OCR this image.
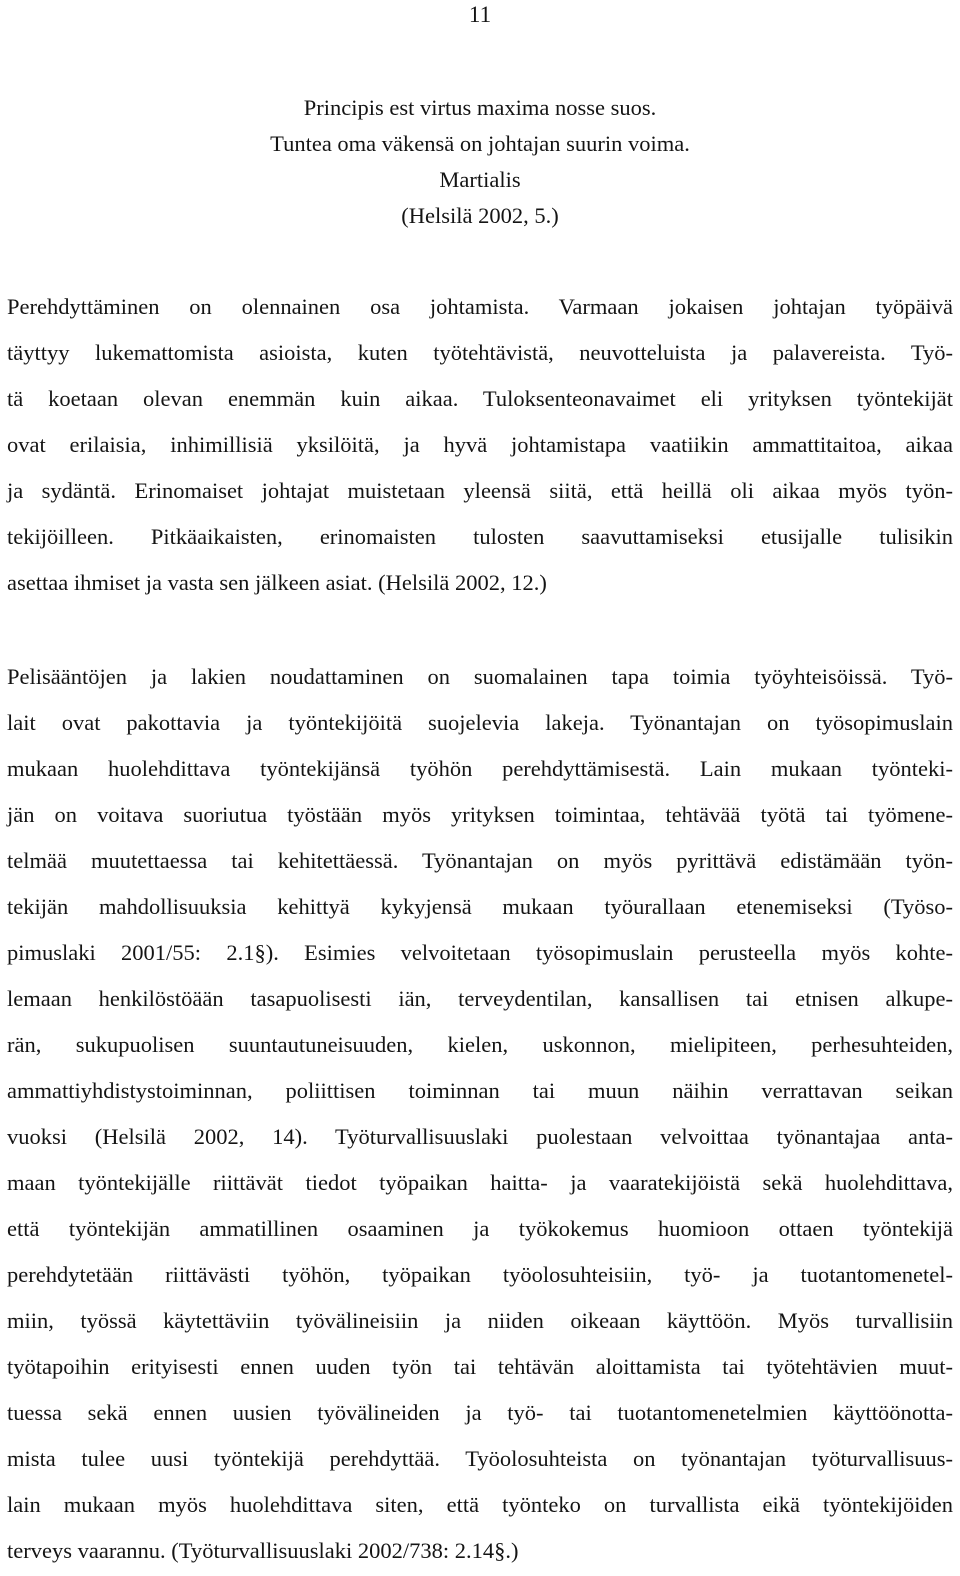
11
Principis est virtus maxima nosse suos.
Tuntea oma väkensä on johtajan suurin voima.
Martialis
(Helsilä 2002, 5.)
Perehdyttäminen on olennainen osa johtamista. Varmaan jokaisen johtajan työpäivä
täyttyy lukemattomista asioista, kuten työtehtävistä, neuvotteluista ja palavereista. Työ-
tä koetaan olevan enemmän kuin aikaa. Tuloksenteonavaimet eli yrityksen työntekijät
ovat erilaisia, inhimillisiä yksilöitä, ja hyvä johtamistapa vaatiikin ammattitaitoa, aikaa
ja sydäntä. Erinomaiset johtajat muistetaan yleensä siitä, että heillä oli aikaa myös työn-
tekijöilleen. Pitkäaikaisten, erinomaisten tulosten saavuttamiseksi etusijalle tulisikin
asettaa ihmiset ja vasta sen jälkeen asiat. (Helsilä 2002, 12.)
Pelisääntöjen ja lakien noudattaminen on suomalainen tapa toimia työyhteisöissä. Työ-
lait ovat pakottavia ja työntekijöitä suojelevia lakeja. Työnantajan on työsopimuslain
mukaan huolehdittava työntekijänsä työhön perehdyttämisestä. Lain mukaan työnteki-
jän on voitava suoriutua työstään myös yrityksen toimintaa, tehtävää työtä tai työmene-
telmää muutettaessa tai kehitettäessä. Työnantajan on myös pyrittävä edistämään työn-
tekijän mahdollisuuksia kehittyä kykyjensä mukaan työurallaan etenemiseksi (Työso-
pimuslaki 2001/55: 2.1§). Esimies velvoitetaan työsopimuslain perusteella myös kohte-
lemaan henkilöstöään tasapuolisesti iän, terveydentilan, kansallisen tai etnisen alkupe-
rän, sukupuolisen suuntautuneisuuden, kielen, uskonnon, mielipiteen, perhesuhteiden,
ammattiyhdistystoiminnan, poliittisen toiminnan tai muun näihin verrattavan seikan
vuoksi (Helsilä 2002, 14). Työturvallisuuslaki puolestaan velvoittaa työnantajaa anta-
maan työntekijälle riittävät tiedot työpaikan haitta- ja vaaratekijöistä sekä huolehdittava,
että työntekijän ammatillinen osaaminen ja työkokemus huomioon ottaen työntekijä
perehdytetään riittävästi työhön, työpaikan työolosuhteisiin, työ- ja tuotantomenetel-
miin, työssä käytettäviin työvälineisiin ja niiden oikeaan käyttöön. Myös turvallisiin
työtapoihin erityisesti ennen uuden työn tai tehtävän aloittamista tai työtehtävien muut-
tuessa sekä ennen uusien työvälineiden ja työ- tai tuotantomenetelmien käyttöönotta-
mista tulee uusi työntekijä perehdyttää. Työolosuhteista on työnantajan työturvallisuus-
lain mukaan myös huolehdittava siten, että työnteko on turvallista eikä työntekijöiden
terveys vaarannu. (Työturvallisuuslaki 2002/738: 2.14§.)
